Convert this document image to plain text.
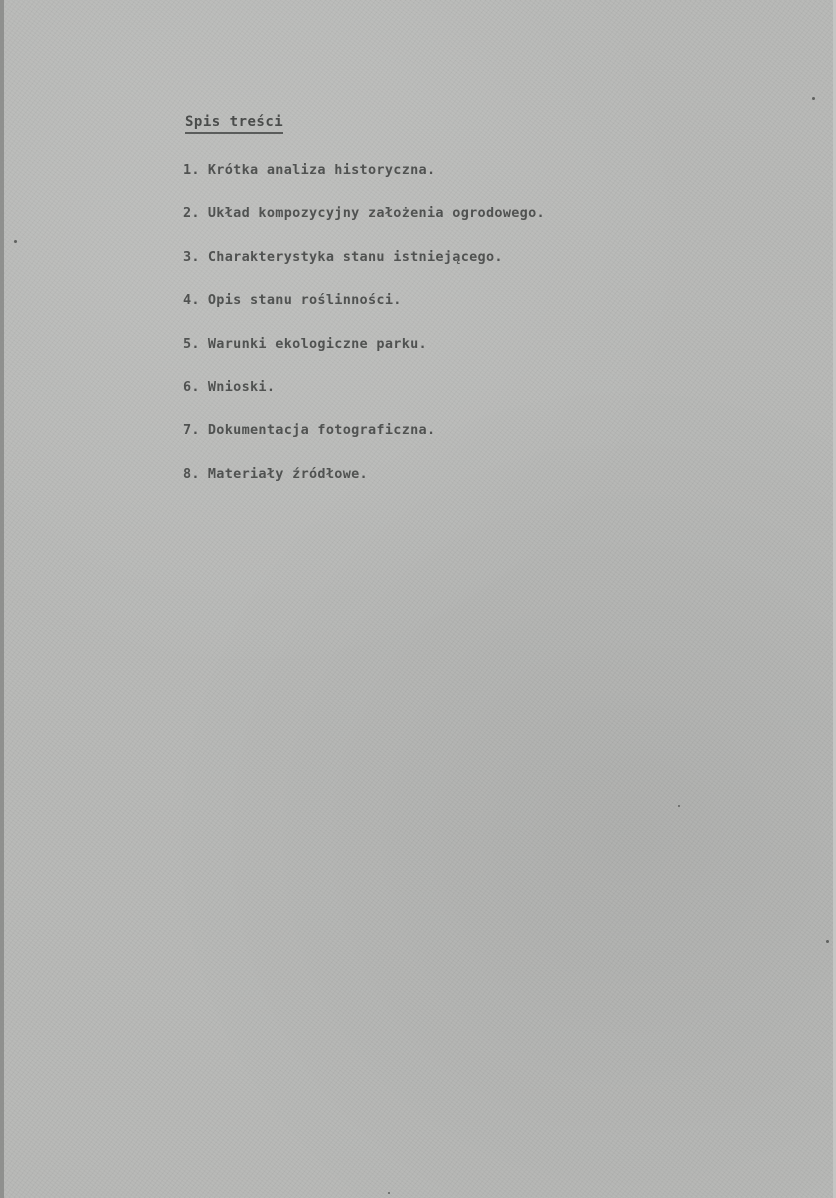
Spis treści
1. Krótka analiza historyczna.
2. Układ kompozycyjny założenia ogrodowego.
3. Charakterystyka stanu istniejącego.
4. Opis stanu roślinności.
5. Warunki ekologiczne parku.
6. Wnioski.
7. Dokumentacja fotograficzna.
8. Materiały źródłowe.
